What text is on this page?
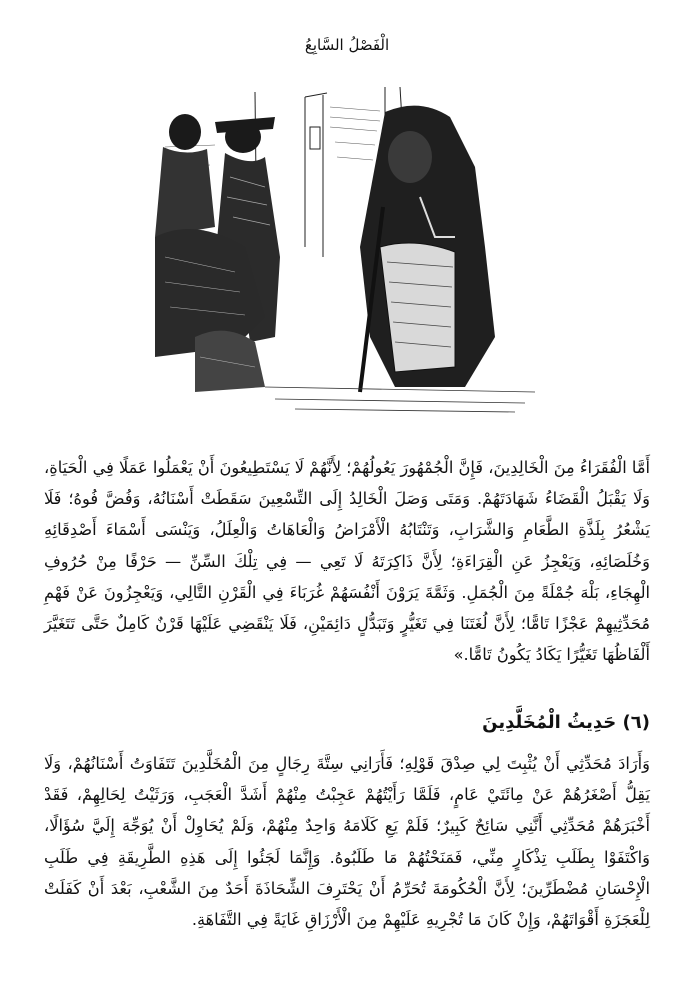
الْفَصْلُ السَّابِعُ

أَمَّا الْفُقَرَاءُ مِنَ الْخَالِدِينَ، فَإِنَّ الْجُمْهُورَ يَعُولُهُمْ؛ لِأَنَّهُمْ لَا يَسْتَطِيعُونَ أَنْ يَعْمَلُوا عَمَلًا فِي الْحَيَاةِ، وَلَا يَقْبَلُ الْقَضَاءُ شَهَادَتَهُمْ. وَمَتَى وَصَلَ الْخَالِدُ إِلَى التِّسْعِينَ سَقَطَتْ أَسْنَانُهُ، وَفُضَّ فُوهُ؛ فَلَا يَشْعُرُ بِلَذَّةِ الطَّعَامِ وَالشَّرَابِ، وَتَنْتَابُهُ الْأَمْرَاضُ وَالْعَاهَاتُ وَالْعِلَلُ، وَيَنْسَى أَسْمَاءَ أَصْدِقَائِهِ وَخُلَصَائِهِ، وَيَعْجِزُ عَنِ الْقِرَاءَةِ؛ لِأَنَّ ذَاكِرَتَهُ لَا تَعِي — فِي تِلْكَ السِّنِّ — حَرْفًا مِنْ حُرُوفِ الْهِجَاءِ، بَلْهَ جُمْلَةً مِنَ الْجُمَلِ. وَثَمَّةَ يَرَوْنَ أَنْفُسَهُمْ غُرَبَاءَ فِي الْقَرْنِ التَّالِي، وَيَعْجِزُونَ عَنْ فَهْمِ مُحَدِّثِيهِمْ عَجْزًا تَامًّا؛ لِأَنَّ لُغَتَنَا فِي تَغَيُّرٍ وَتَبَدُّلٍ دَائِمَيْنِ، فَلَا يَنْقَضِي عَلَيْهَا قَرْنٌ كَامِلٌ حَتَّى تَتَغَيَّرَ أَلْفَاظُهَا تَغَيُّرًا يَكَادُ يَكُونُ تَامًّا.»

(٦) حَدِيثُ الْمُخَلَّدِينَ

وَأَرَادَ مُحَدِّثِي أَنْ يُثْبِتَ لِي صِدْقَ قَوْلِهِ؛ فَأَرَانِي سِتَّةَ رِجَالٍ مِنَ الْمُخَلَّدِينَ تَتَفَاوَتُ أَسْنَانُهُمْ، وَلَا يَقِلُّ أَصْغَرُهُمْ عَنْ مِائَتَيْ عَامٍ، فَلَمَّا رَأَيْتُهُمْ عَجِبْتُ مِنْهُمْ أَشَدَّ الْعَجَبِ، وَرَثَيْتُ لِحَالِهِمْ، فَقَدْ أَخْبَرَهُمْ مُحَدِّثِي أَنَّنِي سَائِحٌ كَبِيرٌ؛ فَلَمْ يَعِ كَلَامَهُ وَاحِدٌ مِنْهُمْ، وَلَمْ يُحَاوِلْ أَنْ يُوَجِّهَ إِلَيَّ سُؤَالًا، وَاكْتَفَوْا بِطَلَبِ تِذْكَارٍ مِنِّي، فَمَنَحْتُهُمْ مَا طَلَبُوهُ. وَإِنَّمَا لَجَئُوا إِلَى هَذِهِ الطَّرِيقَةِ فِي طَلَبِ الْإِحْسَانِ مُضْطَرِّينَ؛ لِأَنَّ الْحُكُومَةَ تُحَرِّمُ أَنْ يَحْتَرِفَ الشِّحَاذَةَ أَحَدٌ مِنَ الشَّعْبِ، بَعْدَ أَنْ كَفَلَتْ لِلْعَجَزَةِ أَقْوَاتَهُمْ، وَإِنْ كَانَ مَا تُجْرِيهِ عَلَيْهِمْ مِنَ الْأَرْزَاقِ غَايَةً فِي التَّفَاهَةِ.
